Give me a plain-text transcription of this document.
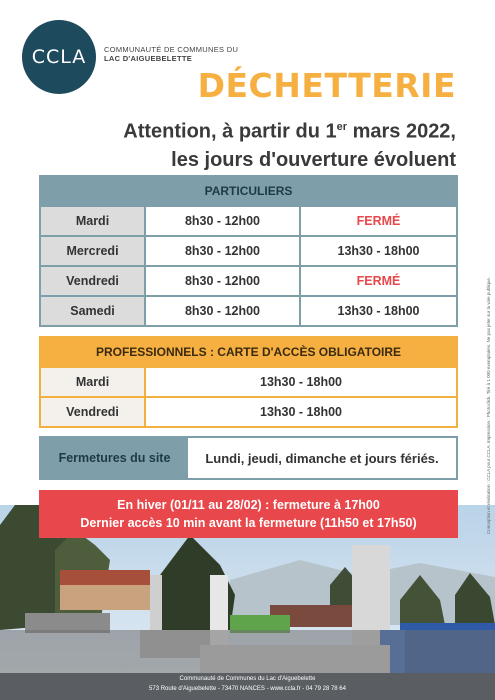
CCLA COMMUNAUTÉ DE COMMUNES DU
LAC D'AIGUEBELETTE
DÉCHETTERIE
Attention, à partir du 1er mars 2022,
les jours d'ouverture évoluent
PARTICULIERS
Mardi	8h30 - 12h00	FERMÉ
Mercredi	8h30 - 12h00	13h30 - 18h00
Vendredi	8h30 - 12h00	FERMÉ
Samedi	8h30 - 12h00	13h30 - 18h00
PROFESSIONNELS : CARTE D'ACCÈS OBLIGATOIRE
Mardi	13h30 - 18h00
Vendredi	13h30 - 18h00
Fermetures du site	Lundi, jeudi, dimanche et jours fériés.
En hiver (01/11 au 28/02) : fermeture à 17h00
Dernier accès 10 min avant la fermeture (11h50 et 17h50)	Conception et réalisation : CCLA pour CCLA. Impression : Photoclick. Tiré à 1 000 exemplaires. Ne pas jeter sur la voie publique.
Communauté de Communes du Lac d'Aiguebelette
573 Route d'Aiguebelette - 73470 NANCES - www.ccla.fr - 04 79 28 78 64
